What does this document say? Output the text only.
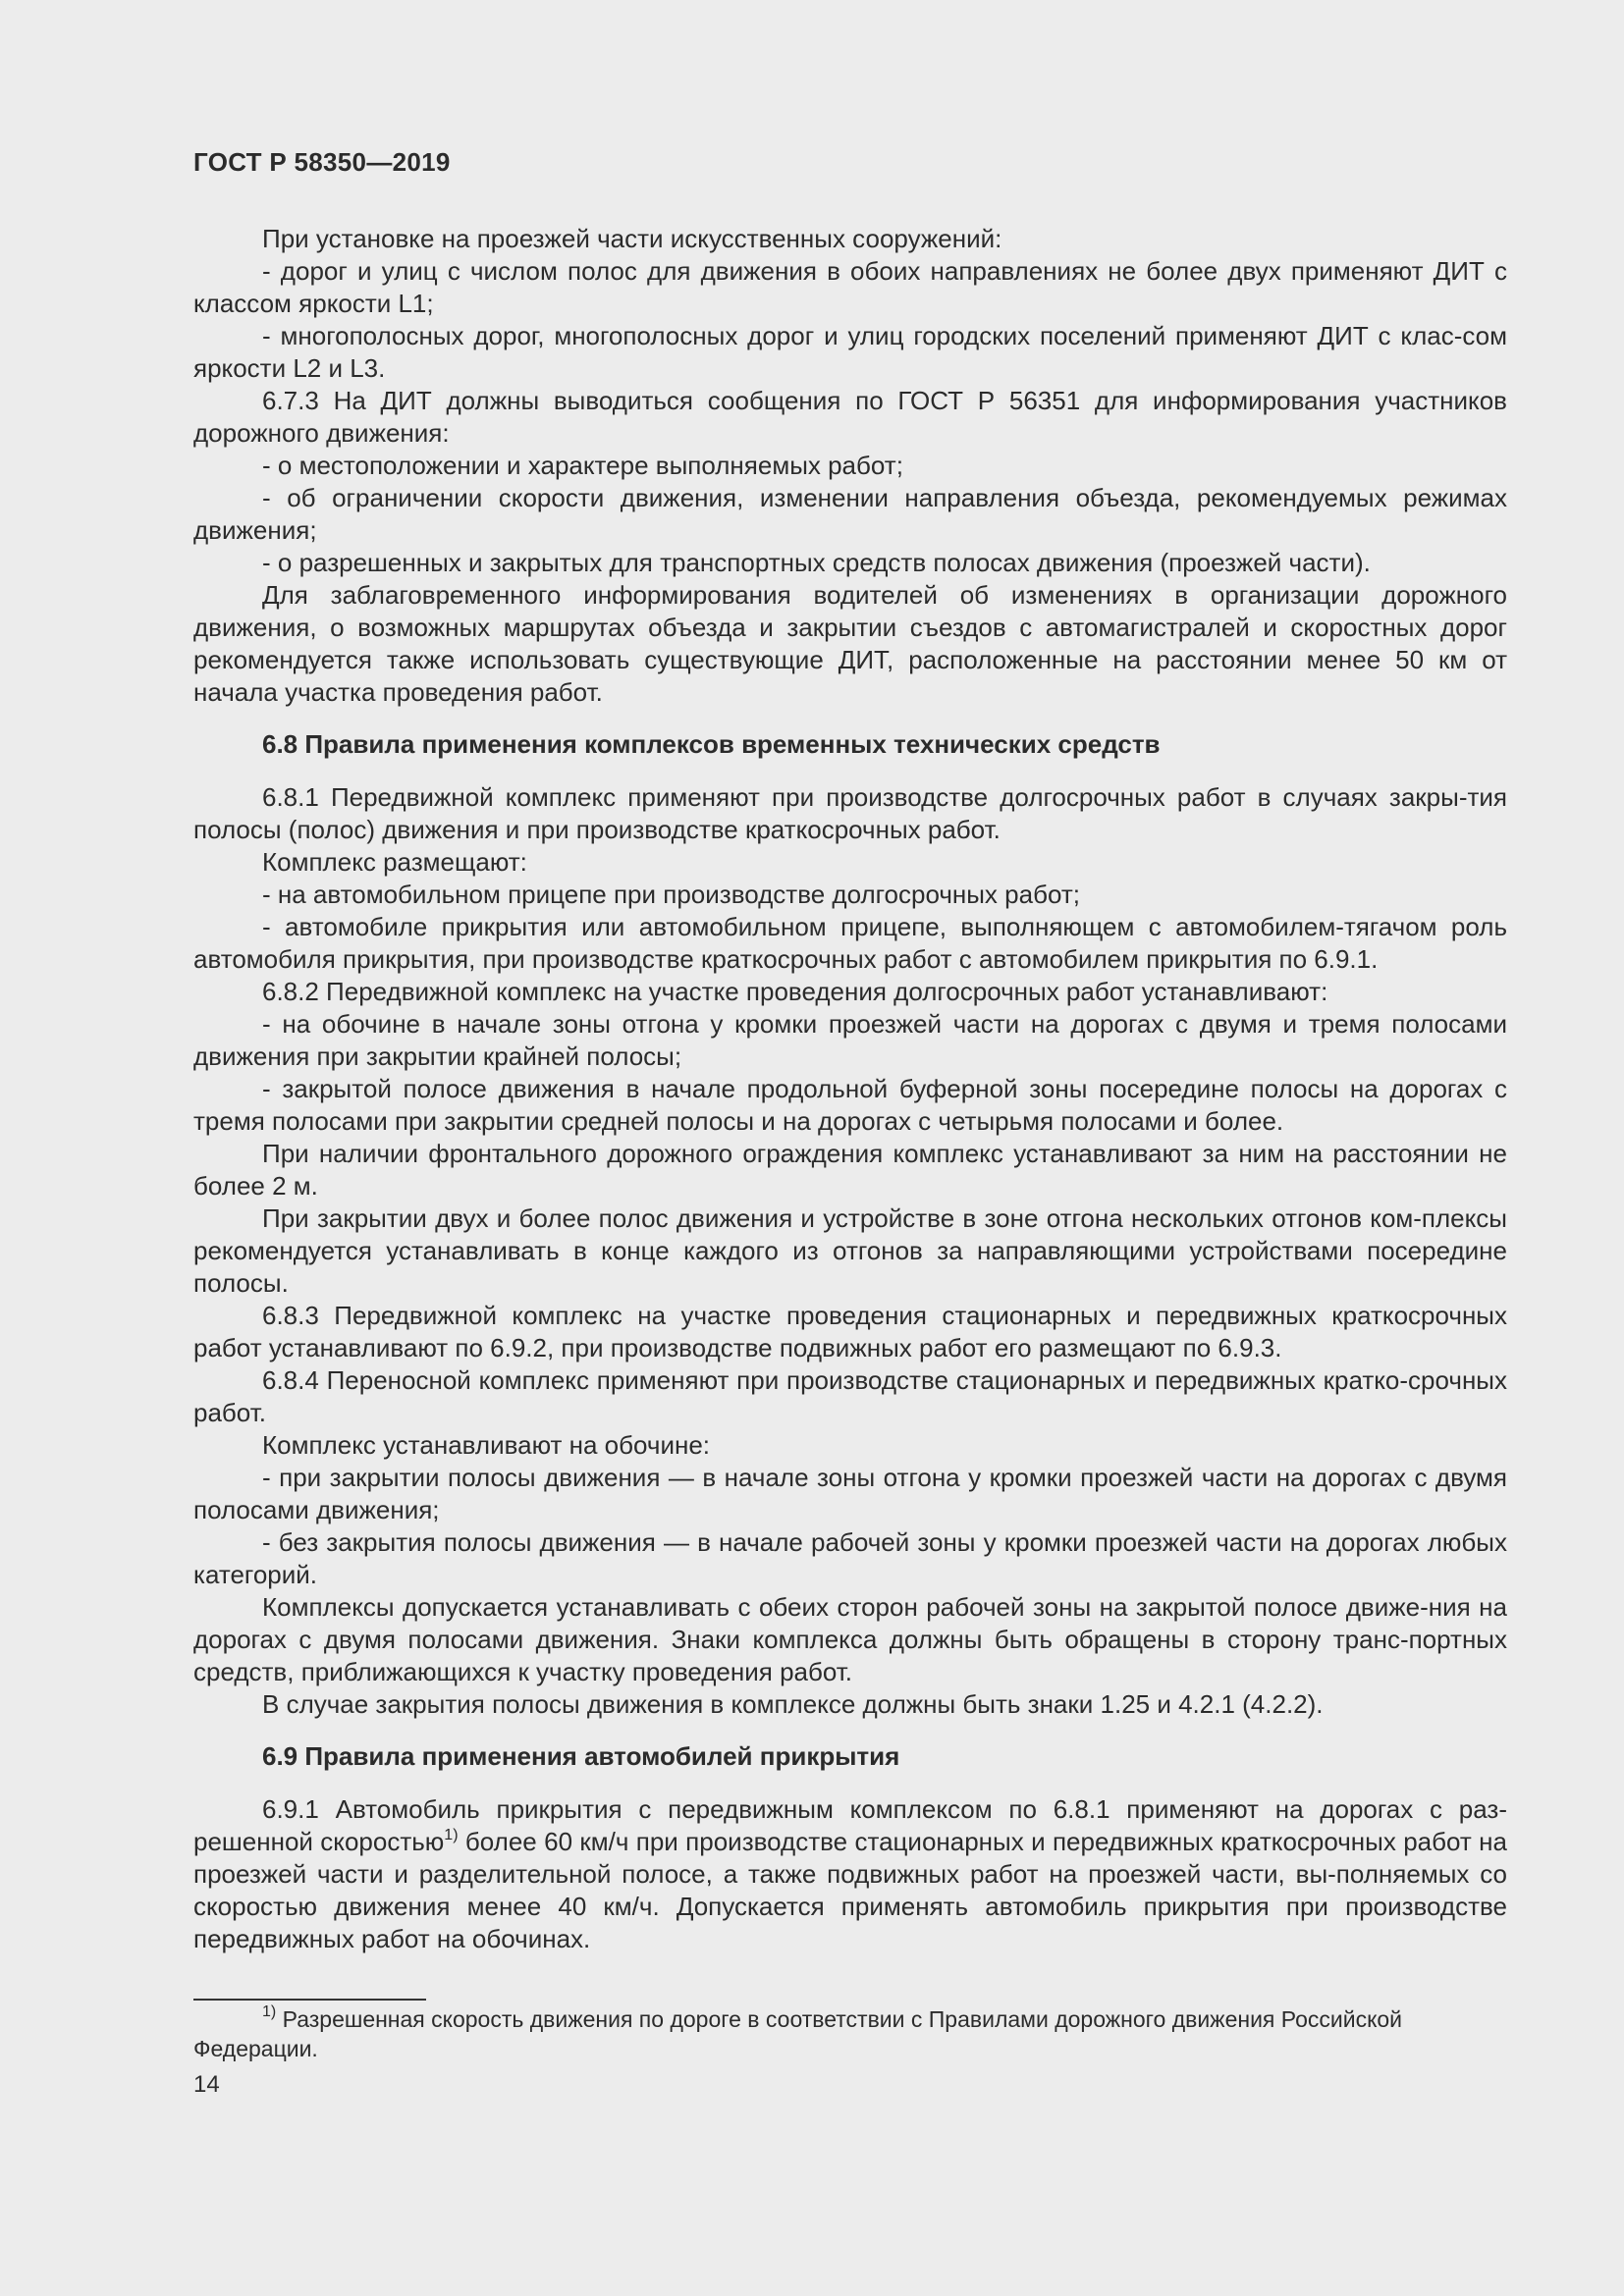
ГОСТ Р 58350—2019

При установке на проезжей части искусственных сооружений:

- дорог и улиц с числом полос для движения в обоих направлениях не более двух применяют ДИТ с классом яркости L1;

- многополосных дорог, многополосных дорог и улиц городских поселений применяют ДИТ с клас-сом яркости L2 и L3.

6.7.3 На ДИТ должны выводиться сообщения по ГОСТ Р 56351 для информирования участников дорожного движения:

- о местоположении и характере выполняемых работ;

- об ограничении скорости движения, изменении направления объезда, рекомендуемых режимах движения;

- о разрешенных и закрытых для транспортных средств полосах движения (проезжей части).

Для заблаговременного информирования водителей об изменениях в организации дорожного движения, о возможных маршрутах объезда и закрытии съездов с автомагистралей и скоростных дорог рекомендуется также использовать существующие ДИТ, расположенные на расстоянии менее 50 км от начала участка проведения работ.

6.8 Правила применения комплексов временных технических средств

6.8.1 Передвижной комплекс применяют при производстве долгосрочных работ в случаях закры-тия полосы (полос) движения и при производстве краткосрочных работ.

Комплекс размещают:

- на автомобильном прицепе при производстве долгосрочных работ;

- автомобиле прикрытия или автомобильном прицепе, выполняющем с автомобилем-тягачом роль автомобиля прикрытия, при производстве краткосрочных работ с автомобилем прикрытия по 6.9.1.

6.8.2 Передвижной комплекс на участке проведения долгосрочных работ устанавливают:

- на обочине в начале зоны отгона у кромки проезжей части на дорогах с двумя и тремя полосами движения при закрытии крайней полосы;

- закрытой полосе движения в начале продольной буферной зоны посередине полосы на дорогах с тремя полосами при закрытии средней полосы и на дорогах с четырьмя полосами и более.

При наличии фронтального дорожного ограждения комплекс устанавливают за ним на расстоянии не более 2 м.

При закрытии двух и более полос движения и устройстве в зоне отгона нескольких отгонов ком-плексы рекомендуется устанавливать в конце каждого из отгонов за направляющими устройствами посередине полосы.

6.8.3 Передвижной комплекс на участке проведения стационарных и передвижных краткосрочных работ устанавливают по 6.9.2, при производстве подвижных работ его размещают по 6.9.3.

6.8.4 Переносной комплекс применяют при производстве стационарных и передвижных кратко-срочных работ.

Комплекс устанавливают на обочине:

- при закрытии полосы движения — в начале зоны отгона у кромки проезжей части на дорогах с двумя полосами движения;

- без закрытия полосы движения — в начале рабочей зоны у кромки проезжей части на дорогах любых категорий.

Комплексы допускается устанавливать с обеих сторон рабочей зоны на закрытой полосе движе-ния на дорогах с двумя полосами движения. Знаки комплекса должны быть обращены в сторону транс-портных средств, приближающихся к участку проведения работ.

В случае закрытия полосы движения в комплексе должны быть знаки 1.25 и 4.2.1 (4.2.2).

6.9 Правила применения автомобилей прикрытия

6.9.1 Автомобиль прикрытия с передвижным комплексом по 6.8.1 применяют на дорогах с раз-решенной скоростью$^{1)}$ более 60 км/ч при производстве стационарных и передвижных краткосрочных работ на проезжей части и разделительной полосе, а также подвижных работ на проезжей части, вы-полняемых со скоростью движения менее 40 км/ч. Допускается применять автомобиль прикрытия при производстве передвижных работ на обочинах.

$^{1)}$ Разрешенная скорость движения по дороге в соответствии с Правилами дорожного движения Российской Федерации.
14
